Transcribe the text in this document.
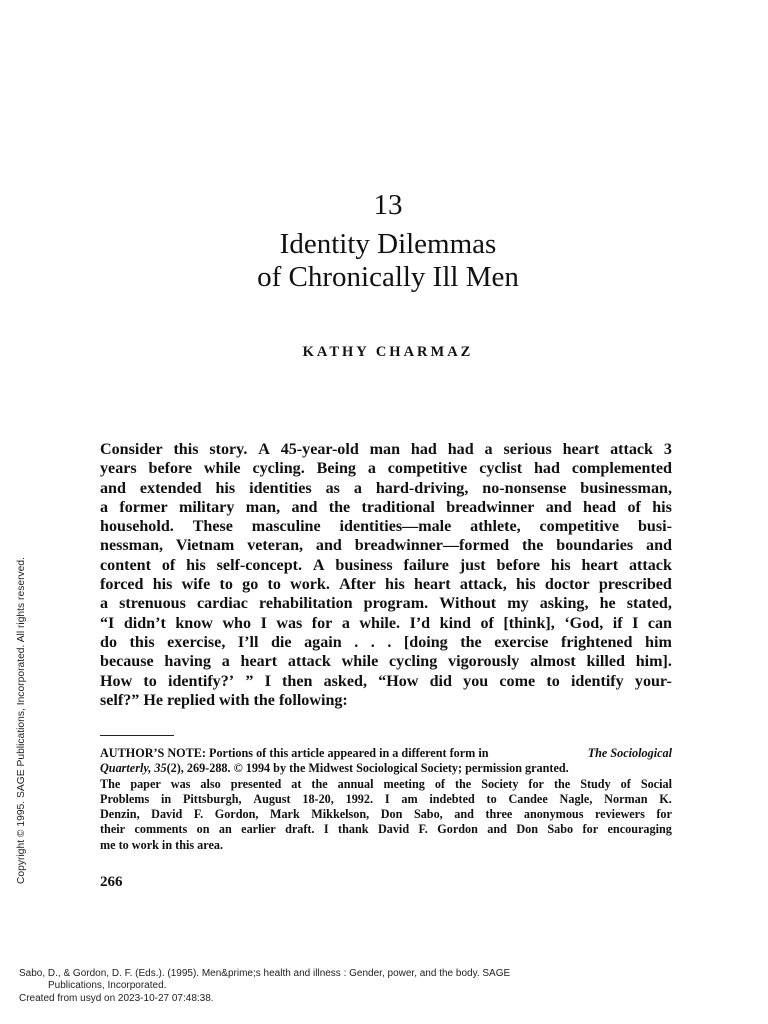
13
Identity Dilemmas
of Chronically Ill Men
KATHY CHARMAZ
Consider this story. A 45-year-old man had had a serious heart attack 3
years before while cycling. Being a competitive cyclist had complemented
and extended his identities as a hard-driving, no-nonsense businessman,
a former military man, and the traditional breadwinner and head of his
household. These masculine identities—male athlete, competitive busi-
nessman, Vietnam veteran, and breadwinner—formed the boundaries and
content of his self-concept. A business failure just before his heart attack
forced his wife to go to work. After his heart attack, his doctor prescribed
a strenuous cardiac rehabilitation program. Without my asking, he stated,
“I didn’t know who I was for a while. I’d kind of [think], ‘God, if I can
do this exercise, I’ll die again . . . [doing the exercise frightened him
because having a heart attack while cycling vigorously almost killed him].
How to identify?’ ” I then asked, “How did you come to identify your-
self?” He replied with the following:
AUTHOR’S NOTE: Portions of this article appeared in a different form in	The Sociological
Quarterly, 35(2), 269-288. © 1994 by the Midwest Sociological Society; permission granted.
The paper was also presented at the annual meeting of the Society for the Study of Social
Problems in Pittsburgh, August 18-20, 1992. I am indebted to Candee Nagle, Norman K.
Denzin, David F. Gordon, Mark Mikkelson, Don Sabo, and three anonymous reviewers for
their comments on an earlier draft. I thank David F. Gordon and Don Sabo for encouraging
me to work in this area.
266
Copyright © 1995. SAGE Publications, Incorporated. All rights reserved.
Sabo, D., & Gordon, D. F. (Eds.). (1995). Men&prime;s health and illness : Gender, power, and the body. SAGE
Publications, Incorporated.
Created from usyd on 2023-10-27 07:48:38.
